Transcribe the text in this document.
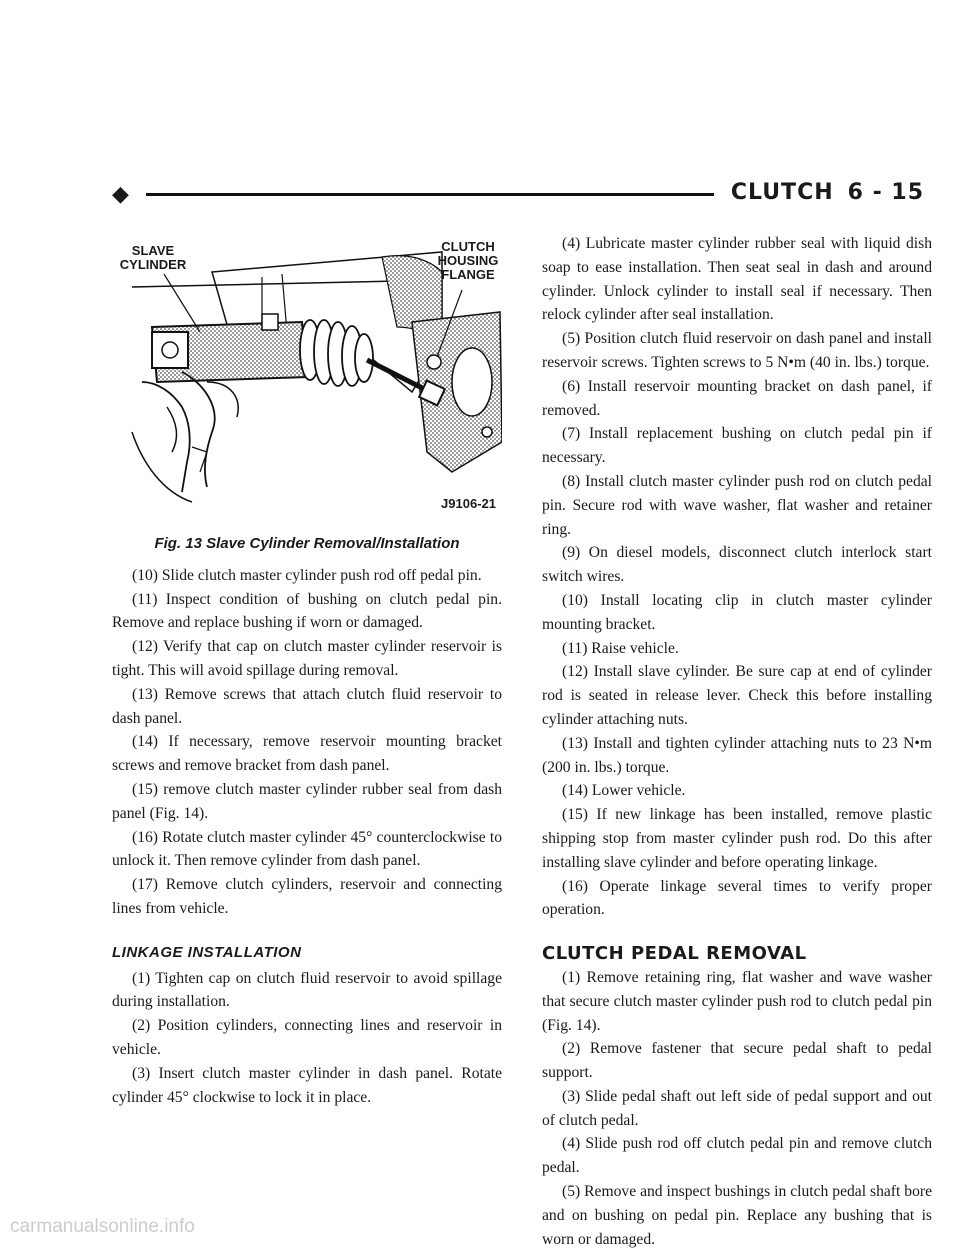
◆	CLUTCH 6 - 15
SLAVE CYLINDER
CLUTCH HOUSING FLANGE
J9106-21
Fig. 13 Slave Cylinder Removal/Installation

(10) Slide clutch master cylinder push rod off pedal pin.

(11) Inspect condition of bushing on clutch pedal pin. Remove and replace bushing if worn or damaged.

(12) Verify that cap on clutch master cylinder reservoir is tight. This will avoid spillage during removal.

(13) Remove screws that attach clutch fluid reservoir to dash panel.

(14) If necessary, remove reservoir mounting bracket screws and remove bracket from dash panel.

(15) remove clutch master cylinder rubber seal from dash panel (Fig. 14).

(16) Rotate clutch master cylinder 45° counterclockwise to unlock it. Then remove cylinder from dash panel.

(17) Remove clutch cylinders, reservoir and connecting lines from vehicle.

LINKAGE INSTALLATION

(1) Tighten cap on clutch fluid reservoir to avoid spillage during installation.

(2) Position cylinders, connecting lines and reservoir in vehicle.

(3) Insert clutch master cylinder in dash panel. Rotate cylinder 45° clockwise to lock it in place.

(4) Lubricate master cylinder rubber seal with liquid dish soap to ease installation. Then seat seal in dash and around cylinder. Unlock cylinder to install seal if necessary. Then relock cylinder after seal installation.

(5) Position clutch fluid reservoir on dash panel and install reservoir screws. Tighten screws to 5 N•m (40 in. lbs.) torque.

(6) Install reservoir mounting bracket on dash panel, if removed.

(7) Install replacement bushing on clutch pedal pin if necessary.

(8) Install clutch master cylinder push rod on clutch pedal pin. Secure rod with wave washer, flat washer and retainer ring.

(9) On diesel models, disconnect clutch interlock start switch wires.

(10) Install locating clip in clutch master cylinder mounting bracket.

(11) Raise vehicle.

(12) Install slave cylinder. Be sure cap at end of cylinder rod is seated in release lever. Check this before installing cylinder attaching nuts.

(13) Install and tighten cylinder attaching nuts to 23 N•m (200 in. lbs.) torque.

(14) Lower vehicle.

(15) If new linkage has been installed, remove plastic shipping stop from master cylinder push rod. Do this after installing slave cylinder and before operating linkage.

(16) Operate linkage several times to verify proper operation.

CLUTCH PEDAL REMOVAL

(1) Remove retaining ring, flat washer and wave washer that secure clutch master cylinder push rod to clutch pedal pin (Fig. 14).

(2) Remove fastener that secure pedal shaft to pedal support.

(3) Slide pedal shaft out left side of pedal support and out of clutch pedal.

(4) Slide push rod off clutch pedal pin and remove clutch pedal.

(5) Remove and inspect bushings in clutch pedal shaft bore and on bushing on pedal pin. Replace any bushing that is worn or damaged.

carmanualsonline.info
